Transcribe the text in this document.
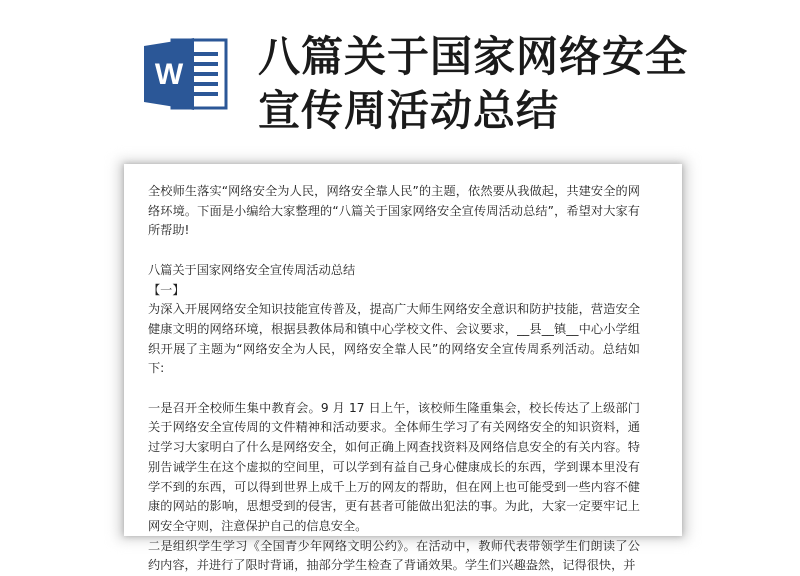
W 八篇关于国家网络安全宣传周活动总结

全校师生落实“网络安全为人民，网络安全靠人民”的主题，依然要从我做起，共建安全的网络环境。下面是小编给大家整理的“八篇关于国家网络安全宣传周活动总结”，希望对大家有所帮助!

八篇关于国家网络安全宣传周活动总结

【一】

为深入开展网络安全知识技能宣传普及，提高广大师生网络安全意识和防护技能，营造安全健康文明的网络环境，根据县教体局和镇中心学校文件、会议要求，__县__镇__中心小学组织开展了主题为“网络安全为人民，网络安全靠人民”的网络安全宣传周系列活动。总结如下:

一是召开全校师生集中教育会。9 月 17 日上午，该校师生隆重集会，校长传达了上级部门关于网络安全宣传周的文件精神和活动要求。全体师生学习了有关网络安全的知识资料，通过学习大家明白了什么是网络安全，如何正确上网查找资料及网络信息安全的有关内容。特别告诫学生在这个虚拟的空间里，可以学到有益自己身心健康成长的东西，学到课本里没有学不到的东西，可以得到世界上成千上万的网友的帮助，但在网上也可能受到一些内容不健康的网站的影响，思想受到的侵害，更有甚者可能做出犯法的事。为此，大家一定要牢记上网安全守则，注意保护自己的信息安全。

二是组织学生学习《全国青少年网络文明公约》。在活动中，教师代表带领学生们朗读了公约内容，并进行了限时背诵，抽部分学生检查了背诵效果。学生们兴趣盎然，记得很快，并
